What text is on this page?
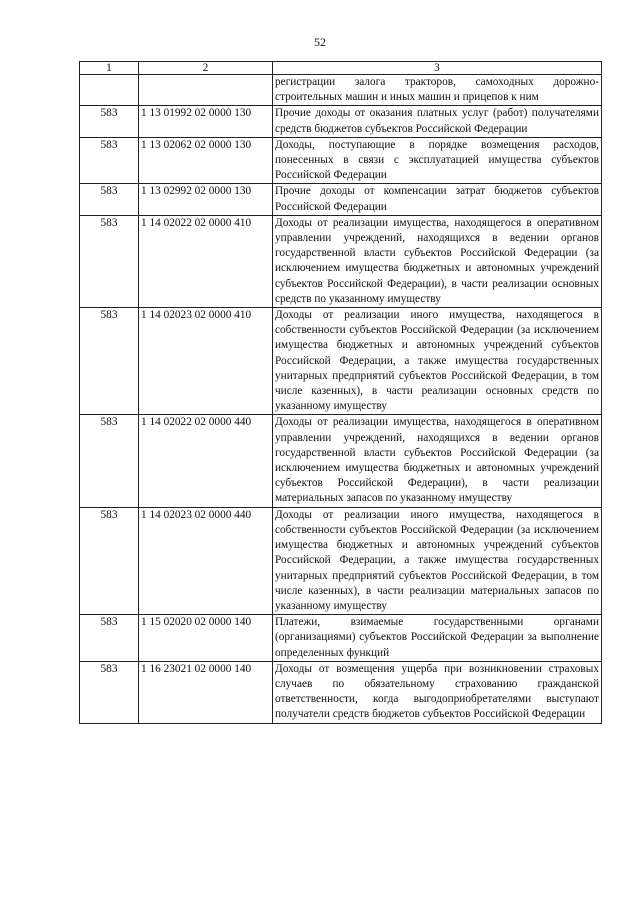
52
1	2	3
		регистрации залога тракторов, самоходных дорожно-строительных машин и иных машин и прицепов к ним
583	1 13 01992 02 0000 130	Прочие доходы от оказания платных услуг (работ) получателями средств бюджетов субъектов Российской Федерации
583	1 13 02062 02 0000 130	Доходы, поступающие в порядке возмещения расходов, понесенных в связи с эксплуатацией имущества субъектов Российской Федерации
583	1 13 02992 02 0000 130	Прочие доходы от компенсации затрат бюджетов субъектов Российской Федерации
583	1 14 02022 02 0000 410	Доходы от реализации имущества, находящегося в оперативном управлении учреждений, находящихся в ведении органов государственной власти субъектов Российской Федерации (за исключением имущества бюджетных и автономных учреждений субъектов Российской Федерации), в части реализации основных средств по указанному имуществу
583	1 14 02023 02 0000 410	Доходы от реализации иного имущества, находящегося в собственности субъектов Российской Федерации (за исключением имущества бюджетных и автономных учреждений субъектов Российской Федерации, а также имущества государственных унитарных предприятий субъектов Российской Федерации, в том числе казенных), в части реализации основных средств по указанному имуществу
583	1 14 02022 02 0000 440	Доходы от реализации имущества, находящегося в оперативном управлении учреждений, находящихся в ведении органов государственной власти субъектов Российской Федерации (за исключением имущества бюджетных и автономных учреждений субъектов Российской Федерации), в части реализации материальных запасов по указанному имуществу
583	1 14 02023 02 0000 440	Доходы от реализации иного имущества, находящегося в собственности субъектов Российской Федерации (за исключением имущества бюджетных и автономных учреждений субъектов Российской Федерации, а также имущества государственных унитарных предприятий субъектов Российской Федерации, в том числе казенных), в части реализации материальных запасов по указанному имуществу
583	1 15 02020 02 0000 140	Платежи, взимаемые государственными органами (организациями) субъектов Российской Федерации за выполнение определенных функций
583	1 16 23021 02 0000 140	Доходы от возмещения ущерба при возникновении страховых случаев по обязательному страхованию гражданской ответственности, когда выгодоприобретателями выступают получатели средств бюджетов субъектов Российской Федерации
